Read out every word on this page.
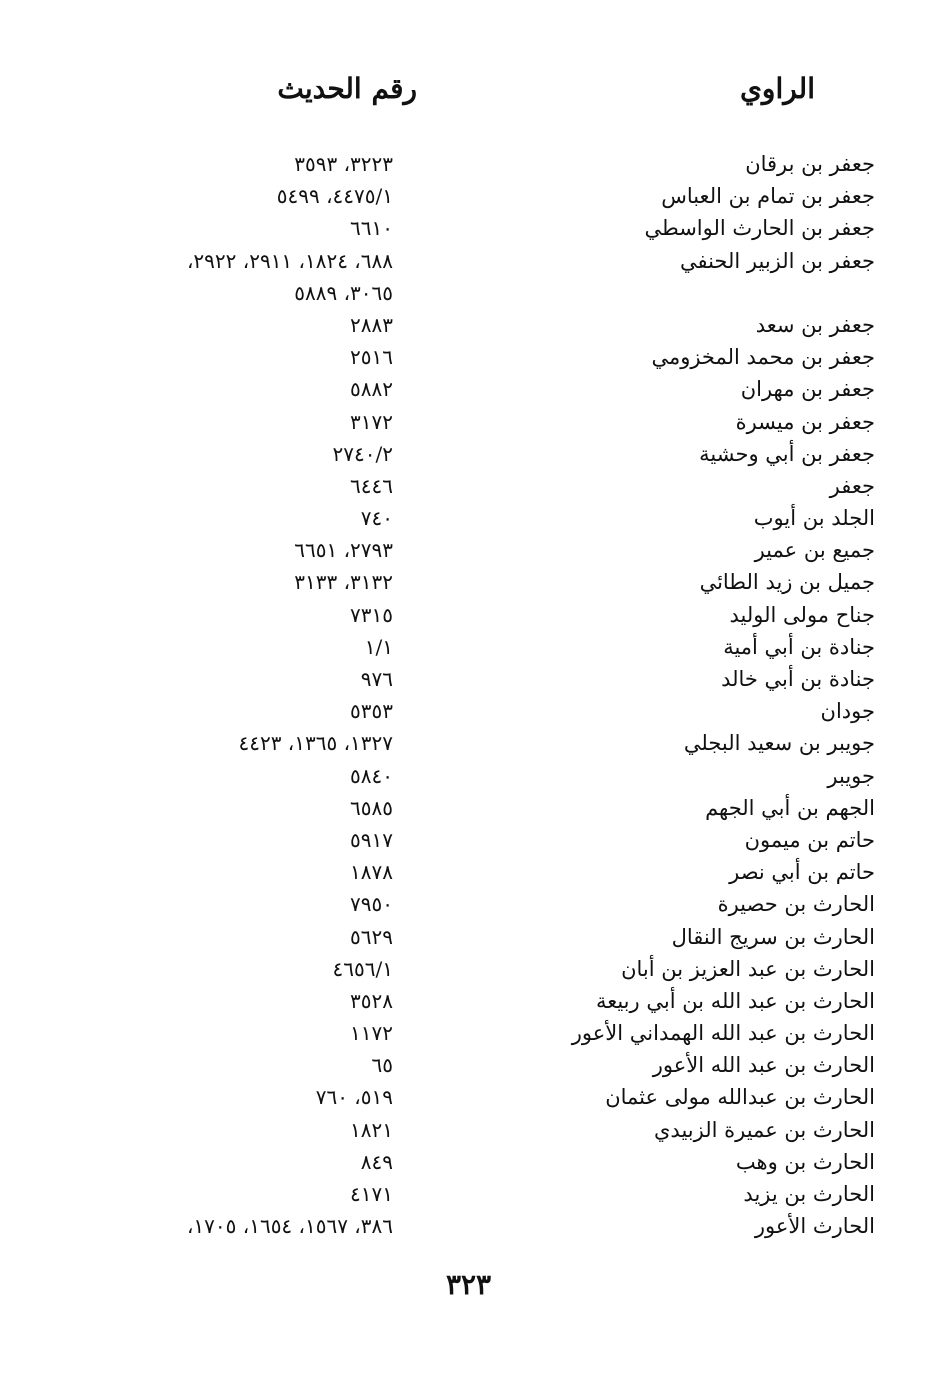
الراوي
رقم الحديث
جعفر بن برقان
٣٢٢٣، ٣٥٩٣
جعفر بن تمام بن العباس
٤٤٧٥/١، ٥٤٩٩
جعفر بن الحارث الواسطي
٦٦١٠
جعفر بن الزبير الحنفي
٦٨٨، ١٨٢٤، ٢٩١١، ٢٩٢٢،
٣٠٦٥، ٥٨٨٩
جعفر بن سعد
٢٨٨٣
جعفر بن محمد المخزومي
٢٥١٦
جعفر بن مهران
٥٨٨٢
جعفر بن ميسرة
٣١٧٢
جعفر بن أبي وحشية
٢٧٤٠/٢
جعفر
٦٤٤٦
الجلد بن أيوب
٧٤٠
جميع بن عمير
٢٧٩٣، ٦٦٥١
جميل بن زيد الطائي
٣١٣٢، ٣١٣٣
جناح مولى الوليد
٧٣١٥
جنادة بن أبي أمية
١/١
جنادة بن أبي خالد
٩٧٦
جودان
٥٣٥٣
جويبر بن سعيد البجلي
١٣٢٧، ١٣٦٥، ٤٤٢٣
جويبر
٥٨٤٠
الجهم بن أبي الجهم
٦٥٨٥
حاتم بن ميمون
٥٩١٧
حاتم بن أبي نصر
١٨٧٨
الحارث بن حصيرة
٧٩٥٠
الحارث بن سريج النقال
٥٦٢٩
الحارث بن عبد العزيز بن أبان
٤٦٥٦/١
الحارث بن عبد الله بن أبي ربيعة
٣٥٢٨
الحارث بن عبد الله الهمداني الأعور
١١٧٢
الحارث بن عبد الله الأعور
٦٥
الحارث بن عبدالله مولى عثمان
٥١٩، ٧٦٠
الحارث بن عميرة الزبيدي
١٨٢١
الحارث بن وهب
٨٤٩
الحارث بن يزيد
٤١٧١
الحارث الأعور
٣٨٦، ١٥٦٧، ١٦٥٤، ١٧٠٥،
٣٢٣
